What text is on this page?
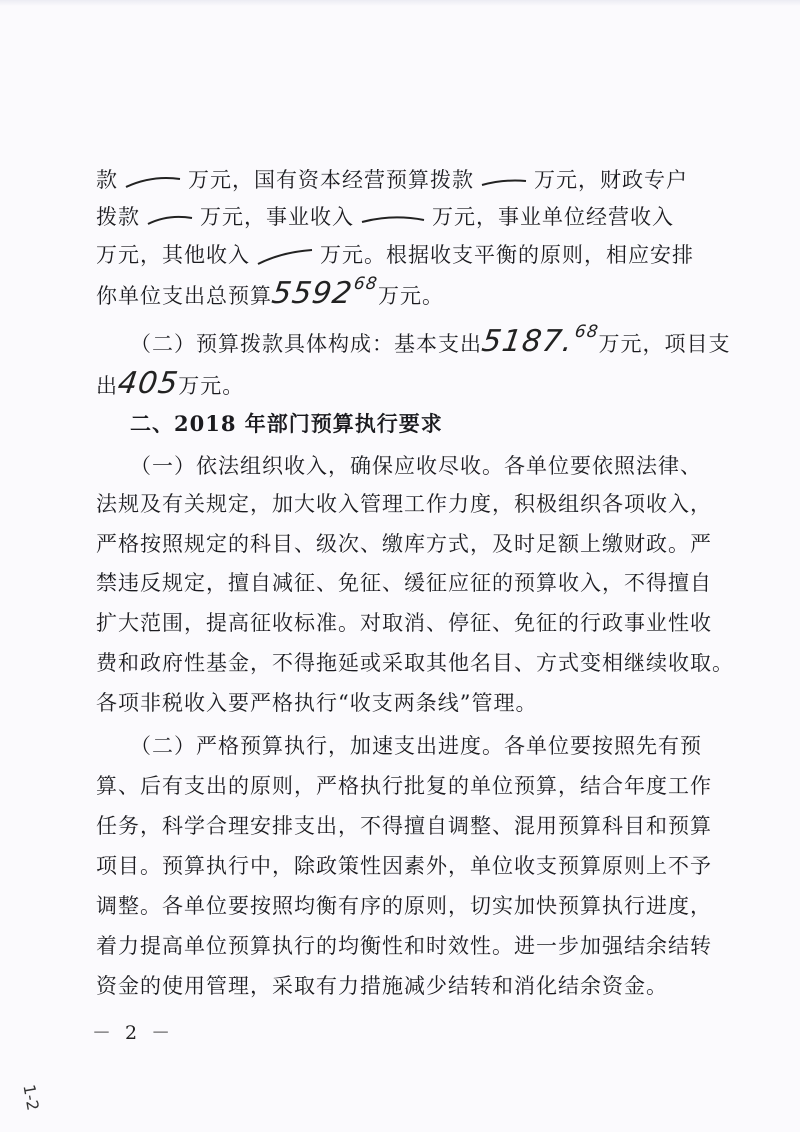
款	万元，国有资本经营预算拨款	万元，财政专户
拨款	万元，事业收入	万元，事业单位经营收入
万元，其他收入	万元。根据收支平衡的原则，相应安排
你单位支出总预算559268万元。
（二）预算拨款具体构成：基本支出5187.68万元，项目支
出405万元。
二、2018 年部门预算执行要求
（一）依法组织收入，确保应收尽收。各单位要依照法律、
法规及有关规定，加大收入管理工作力度，积极组织各项收入，
严格按照规定的科目、级次、缴库方式，及时足额上缴财政。严
禁违反规定，擅自减征、免征、缓征应征的预算收入，不得擅自
扩大范围，提高征收标准。对取消、停征、免征的行政事业性收
费和政府性基金，不得拖延或采取其他名目、方式变相继续收取。
各项非税收入要严格执行“收支两条线”管理。
（二）严格预算执行，加速支出进度。各单位要按照先有预
算、后有支出的原则，严格执行批复的单位预算，结合年度工作
任务，科学合理安排支出，不得擅自调整、混用预算科目和预算
项目。预算执行中，除政策性因素外，单位收支预算原则上不予
调整。各单位要按照均衡有序的原则，切实加快预算执行进度，
着力提高单位预算执行的均衡性和时效性。进一步加强结余结转
资金的使用管理，采取有力措施减少结转和消化结余资金。
－ 2 －
1-2
